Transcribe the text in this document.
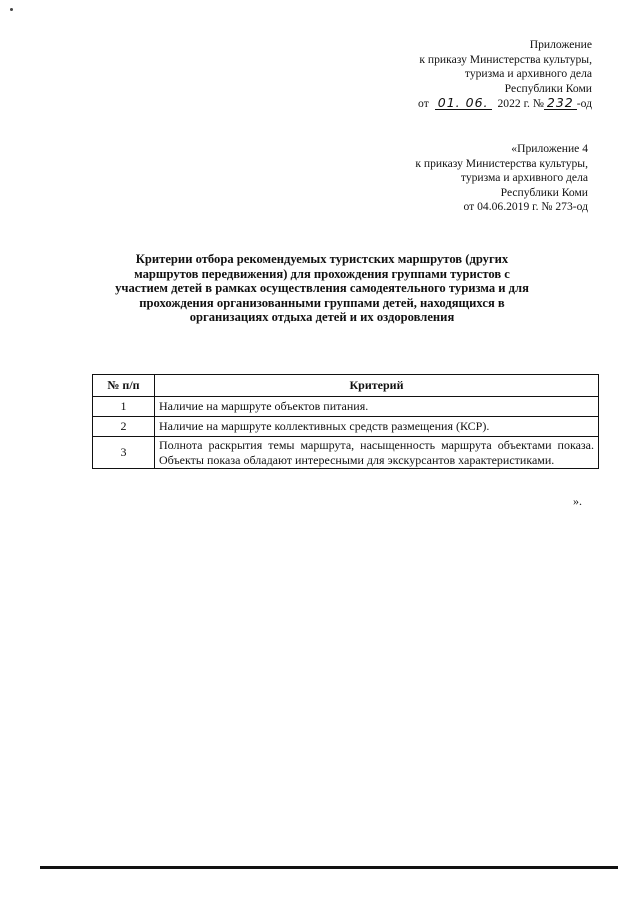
Приложение
к приказу Министерства культуры,
туризма и архивного дела
Республики Коми
от 01. 06. 2022 г. № 232 -од
«Приложение 4
к приказу Министерства культуры,
туризма и архивного дела
Республики Коми
от 04.06.2019 г. № 273-од
Критерии отбора рекомендуемых туристских маршрутов (других
маршрутов передвижения) для прохождения группами туристов с
участием детей в рамках осуществления самодеятельного туризма и для
прохождения организованными группами детей, находящихся в
организациях отдыха детей и их оздоровления
№ п/п	Критерий
1	Наличие на маршруте объектов питания.
2	Наличие на маршруте коллективных средств размещения (КСР).
3	Полнота раскрытия темы маршрута, насыщенность маршрута объектами показа. Объекты показа обладают интересными для экскурсантов характеристиками.
».
